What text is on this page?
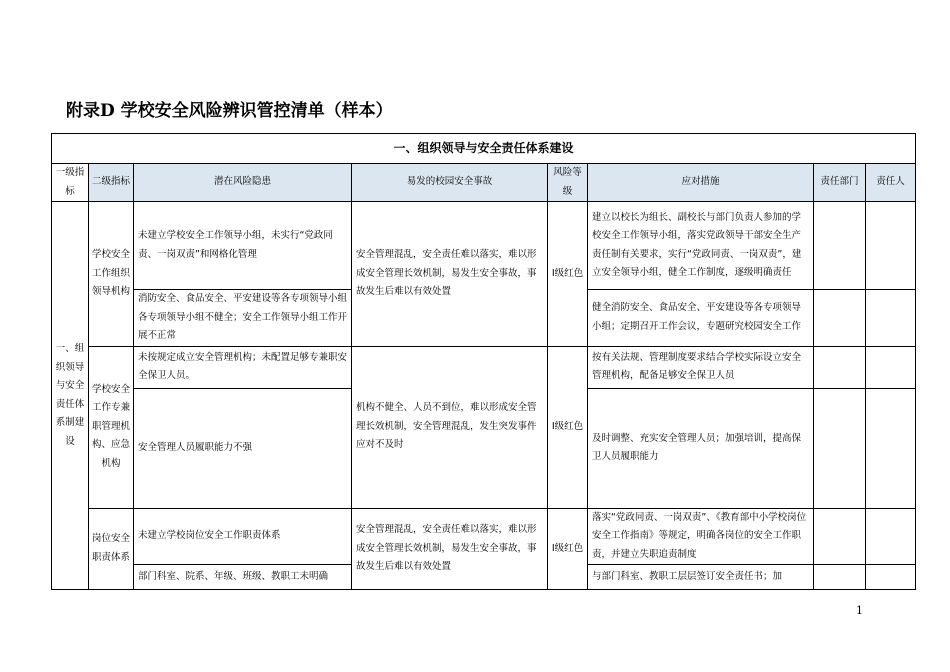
附录D 学校安全风险辨识管控清单（样本）
一、组织领导与安全责任体系建设							
一级指标	二级指标	潜在风险隐患	易发的校园安全事故	风险等级	应对措施	责任部门	责任人
一、组织领导与安全责任体系制建设	学校安全工作组织领导机构	未建立学校安全工作领导小组，未实行“党政同责、一岗双责”和网格化管理	安全管理混乱，安全责任难以落实，难以形成安全管理长效机制，易发生安全事故，事故发生后难以有效处置	Ⅰ级红色	建立以校长为组长、副校长与部门负责人参加的学校安全工作领导小组，落实党政领导干部安全生产责任制有关要求，实行“党政同责、一岗双责”，建立安全领导小组，健全工作制度，逐级明确责任		
		消防安全、食品安全、平安建设等各专项领导小组各专项领导小组不健全；安全工作领导小组工作开展不正常			健全消防安全、食品安全、平安建设等各专项领导小组；定期召开工作会议，专题研究校园安全工作		
	学校安全工作专兼职管理机构、应急机构	未按规定成立安全管理机构；未配置足够专兼职安全保卫人员。	机构不健全、人员不到位，难以形成安全管理长效机制，安全管理混乱，发生突发事件应对不及时	Ⅰ级红色	按有关法规、管理制度要求结合学校实际设立安全管理机构，配备足够安全保卫人员		
		安全管理人员履职能力不强			及时调整、充实安全管理人员；加强培训，提高保卫人员履职能力		
	岗位安全职责体系	未建立学校岗位安全工作职责体系	安全管理混乱，安全责任难以落实，难以形成安全管理长效机制，易发生安全事故，事故发生后难以有效处置	Ⅰ级红色	落实“党政同责、一岗双责”、《教育部中小学校岗位安全工作指南》等规定，明确各岗位的安全工作职责，并建立失职追责制度		
		部门科室、院系、年级、班级、教职工未明确			与部门科室、教职工层层签订安全责任书；加		
1
